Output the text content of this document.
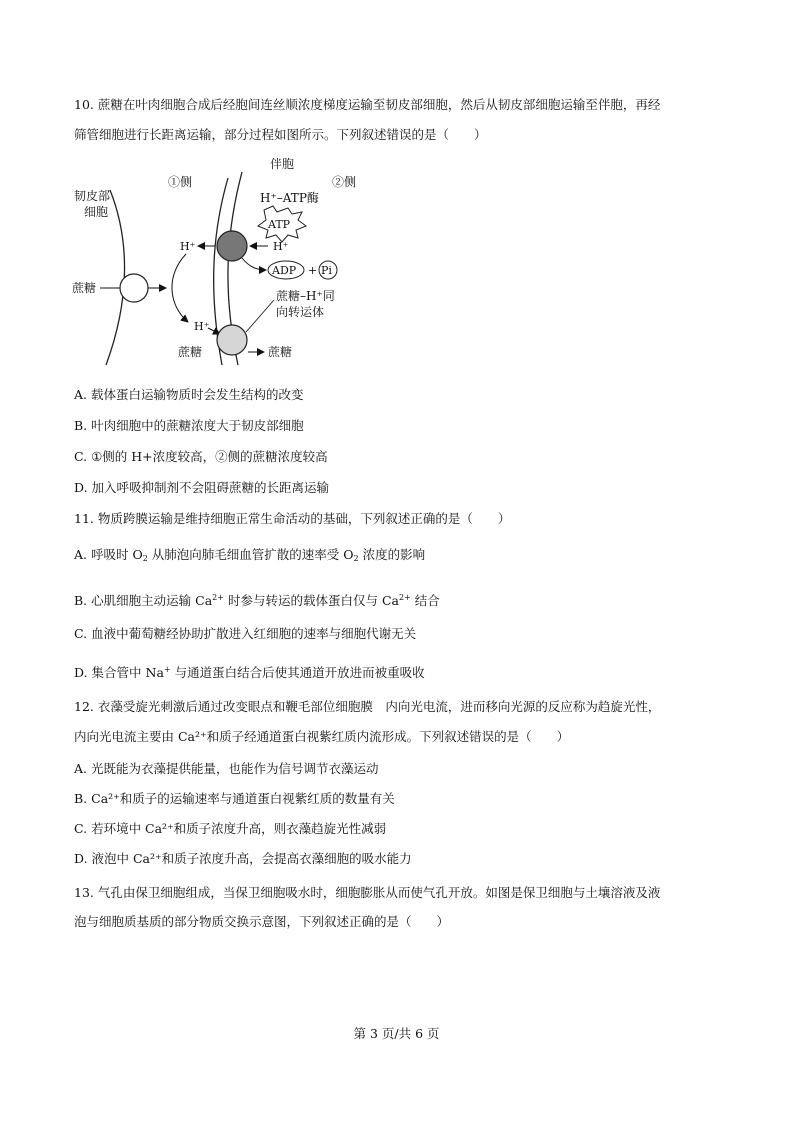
10. 蔗糖在叶肉细胞合成后经胞间连丝顺浓度梯度运输至韧皮部细胞，然后从韧皮部细胞运输至伴胞，再经
筛管细胞进行长距离运输，部分过程如图所示。下列叙述错误的是（　　）
伴胞
①侧	②侧
韧皮部
细胞
H⁺–ATP酶
ATP
H⁺	H⁺
ADP + Pi
蔗糖
蔗糖–H⁺同
向转运体
H⁺
蔗糖	蔗糖
A. 载体蛋白运输物质时会发生结构的改变
B. 叶肉细胞中的蔗糖浓度大于韧皮部细胞
C. ①侧的 H+浓度较高，②侧的蔗糖浓度较高
D. 加入呼吸抑制剂不会阻碍蔗糖的长距离运输
11. 物质跨膜运输是维持细胞正常生命活动的基础，下列叙述正确的是（　　）
A. 呼吸时 $O_2$ 从肺泡向肺毛细血管扩散的速率受 $O_2$ 浓度的影响
B. 心肌细胞主动运输 $Ca^{2+}$ 时参与转运的载体蛋白仅与 $Ca^{2+}$ 结合
C. 血液中葡萄糖经协助扩散进入红细胞的速率与细胞代谢无关
D. 集合管中 Na+ 与通道蛋白结合后使其通道开放进而被重吸收
12. 衣藻受旋光刺激后通过改变眼点和鞭毛部位细胞膜　内向光电流，进而移向光源的反应称为趋旋光性，
内向光电流主要由 Ca²⁺和质子经通道蛋白视紫红质内流形成。下列叙述错误的是（　　）
A. 光既能为衣藻提供能量，也能作为信号调节衣藻运动
B. Ca²⁺和质子的运输速率与通道蛋白视紫红质的数量有关
C. 若环境中 Ca²⁺和质子浓度升高，则衣藻趋旋光性减弱
D. 液泡中 Ca²⁺和质子浓度升高，会提高衣藻细胞的吸水能力
13. 气孔由保卫细胞组成，当保卫细胞吸水时，细胞膨胀从而使气孔开放。如图是保卫细胞与土壤溶液及液
泡与细胞质基质的部分物质交换示意图，下列叙述正确的是（　　）
第 3 页/共 6 页
